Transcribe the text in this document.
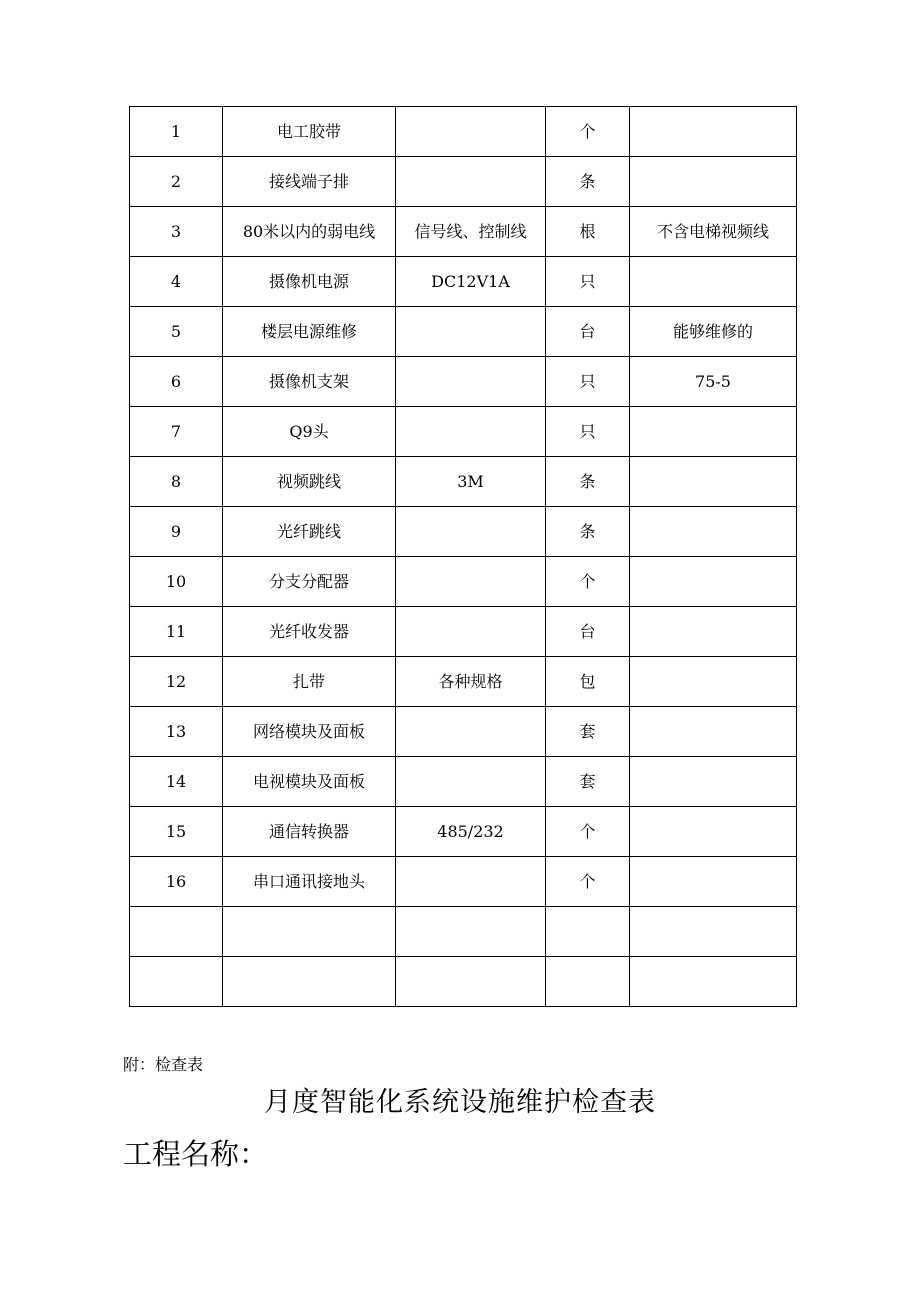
1	电工胶带		个	
2	接线端子排		条	
3	80米以内的弱电线	信号线、控制线	根	不含电梯视频线
4	摄像机电源	DC12V1A	只	
5	楼层电源维修		台	能够维修的
6	摄像机支架		只	75-5
7	Q9头		只	
8	视频跳线	3M	条	
9	光纤跳线		条	
10	分支分配器		个	
11	光纤收发器		台	
12	扎带	各种规格	包	
13	网络模块及面板		套	
14	电视模块及面板		套	
15	通信转换器	485/232	个	
16	串口通讯接地头		个	

附：检查表
月度智能化系统设施维护检查表
工程名称：
